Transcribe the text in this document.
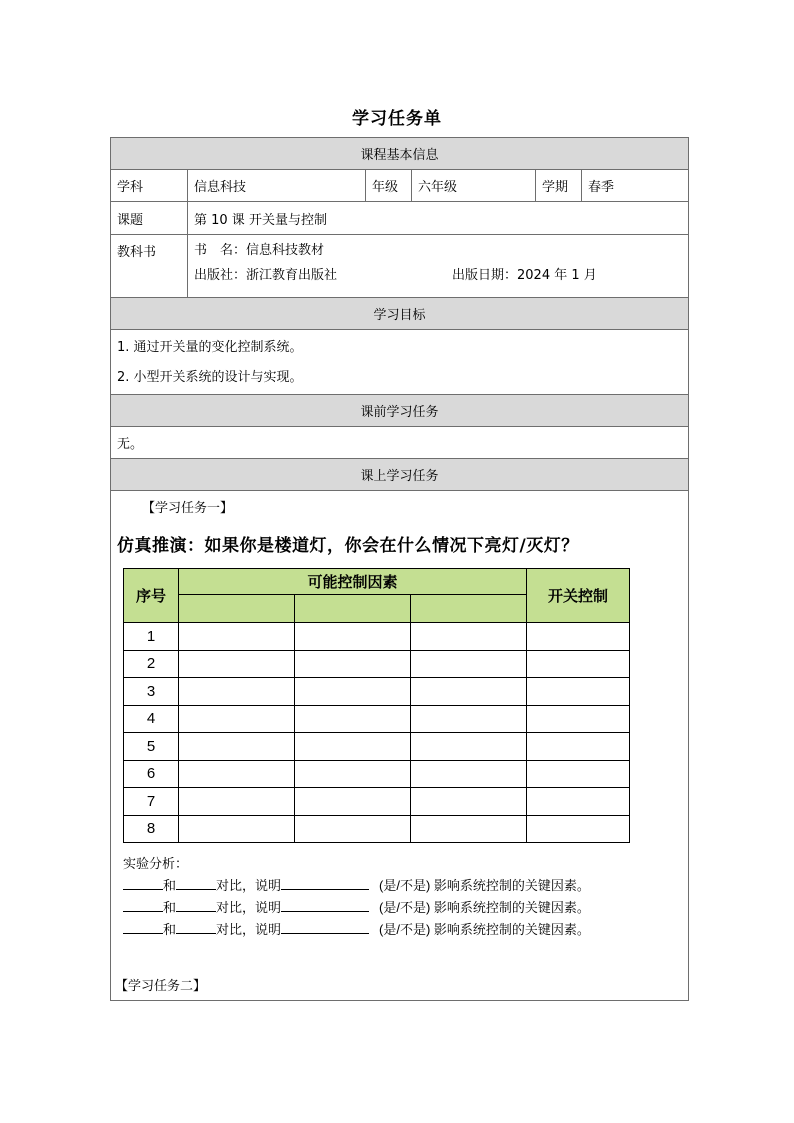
学习任务单
课程基本信息
学科	信息科技	年级	六年级	学期	春季
课题	第 10 课 开关量与控制
教科书	书　名：信息科技教材
出版社：浙江教育出版社	出版日期：2024 年 1 月

学习目标

1. 通过开关量的变化控制系统。
2. 小型开关系统的设计与实现。

课前学习任务
无。
课上学习任务

【学习任务一】
仿真推演：如果你是楼道灯，你会在什么情况下亮灯/灭灯？
序号	可能控制因素	开关控制

1				
2				
3				
4				
5				
6				
7				
8				
实验分析：
和	对比，说明	(是/不是) 影响系统控制的关键因素。
和	对比，说明	(是/不是) 影响系统控制的关键因素。
和	对比，说明	(是/不是) 影响系统控制的关键因素。
【学习任务二】
